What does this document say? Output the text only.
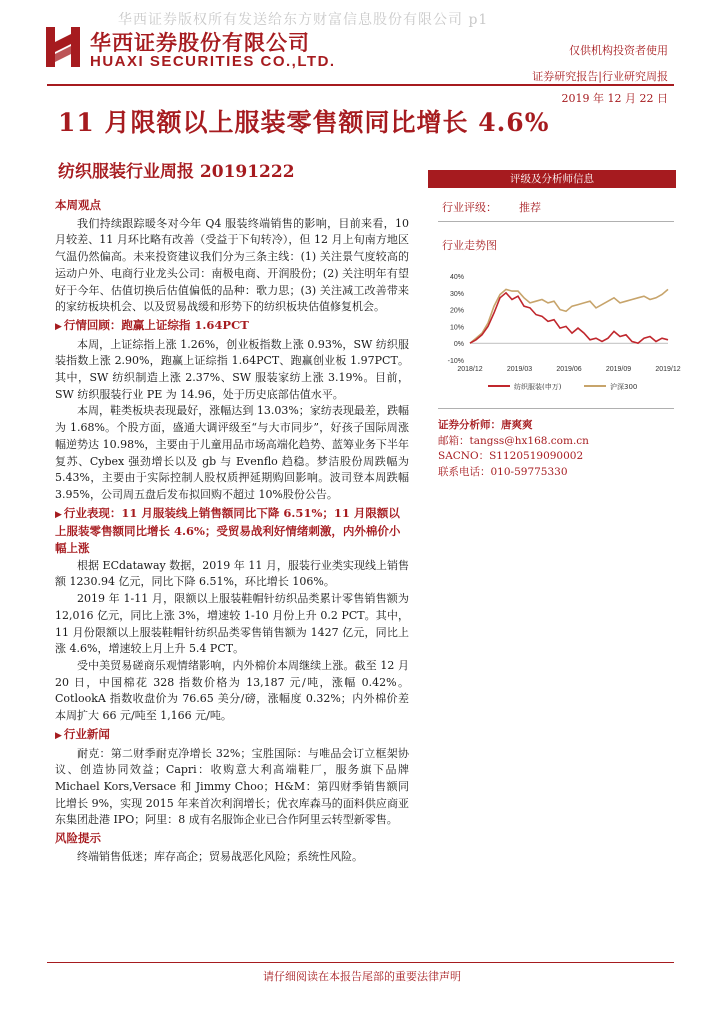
华西证券版权所有发送给东方财富信息股份有限公司 p1
华西证券股份有限公司
HUAXI SECURITIES CO.,LTD.
仅供机构投资者使用
证券研究报告|行业研究周报
2019 年 12 月 22 日
11 月限额以上服装零售额同比增长 4.6%
纺织服装行业周报 20191222
本周观点

我们持续跟踪暖冬对今年 Q4 服装终端销售的影响，目前来看，10 月较差、11 月环比略有改善（受益于下旬转冷），但 12 月上旬南方地区气温仍然偏高。未来投资建议我们分为三条主线：(1) 关注景气度较高的运动户外、电商行业龙头公司：南极电商、开润股份；(2) 关注明年有望好于今年、估值切换后估值偏低的品种：歌力思；(3) 关注减工改善带来的家纺板块机会、以及贸易战缓和形势下的纺织板块估值修复机会。

▶ 行情回顾：跑赢上证综指 1.64PCT

本周，上证综指上涨 1.26%，创业板指数上涨 0.93%，SW 纺织服装指数上涨 2.90%，跑赢上证综指 1.64PCT、跑赢创业板 1.97PCT。其中，SW 纺织制造上涨 2.37%、SW 服装家纺上涨 3.19%。目前，SW 纺织服装行业 PE 为 14.96，处于历史底部估值水平。

本周，鞋类板块表现最好，涨幅达到 13.03%；家纺表现最差，跌幅为 1.68%。个股方面，盛通大调评级至“与大市同步”，好孩子国际周涨幅逆势达 10.98%，主要由于儿童用品市场高端化趋势、蓝筹业务下半年复苏、Cybex 强劲增长以及 gb 与 Evenflo 趋稳。梦洁股份周跌幅为 5.43%，主要由于实际控制人股权质押延期购回影响。波司登本周跌幅 3.95%，公司周五盘后发布拟回购不超过 10%股份公告。

▶ 行业表现：11 月服装线上销售额同比下降 6.51%；11 月限额以上服装零售额同比增长 4.6%；受贸易战利好情绪刺激，内外棉价小幅上涨

根据 ECdataway 数据，2019 年 11 月，服装行业类实现线上销售额 1230.94 亿元，同比下降 6.51%，环比增长 106%。

2019 年 1-11 月，限额以上服装鞋帽针纺织品类累计零售销售额为 12,016 亿元，同比上涨 3%，增速较 1-10 月份上升 0.2 PCT。其中，11 月份限额以上服装鞋帽针纺织品类零售销售额为 1427 亿元，同比上涨 4.6%，增速较上月上升 5.4 PCT。

受中美贸易磋商乐观情绪影响，内外棉价本周继续上涨。截至 12 月 20 日，中国棉花 328 指数价格为 13,187 元/吨，涨幅 0.42%。CotlookA 指数收盘价为 76.65 美分/磅，涨幅度 0.32%；内外棉价差本周扩大 66 元/吨至 1,166 元/吨。

▶ 行业新闻

耐克：第二财季耐克净增长 32%；宝胜国际：与唯品会订立框架协议、创造协同效益；Capri：收购意大利高端鞋厂，服务旗下品牌 Michael Kors,Versace 和 Jimmy Choo；H&M：第四财季销售额同比增长 9%，实现 2015 年来首次利润增长；优衣库森马的面料供应商亚东集团赴港 IPO；阿里：8 成有名服饰企业已合作阿里云转型新零售。

风险提示

终端销售低迷；库存高企；贸易战恶化风险；系统性风险。

评级及分析师信息
行业评级： 推荐
行业走势图
40%
30%
20%
10%
0%
-10%
2018/12	2019/03	2019/06	2019/09	2019/12
纺织服装(申万)	沪深300
证券分析师：唐爽爽
邮箱：tangss@hx168.com.cn
SACNO：S1120519090002
联系电话：010-59775330
请仔细阅读在本报告尾部的重要法律声明
